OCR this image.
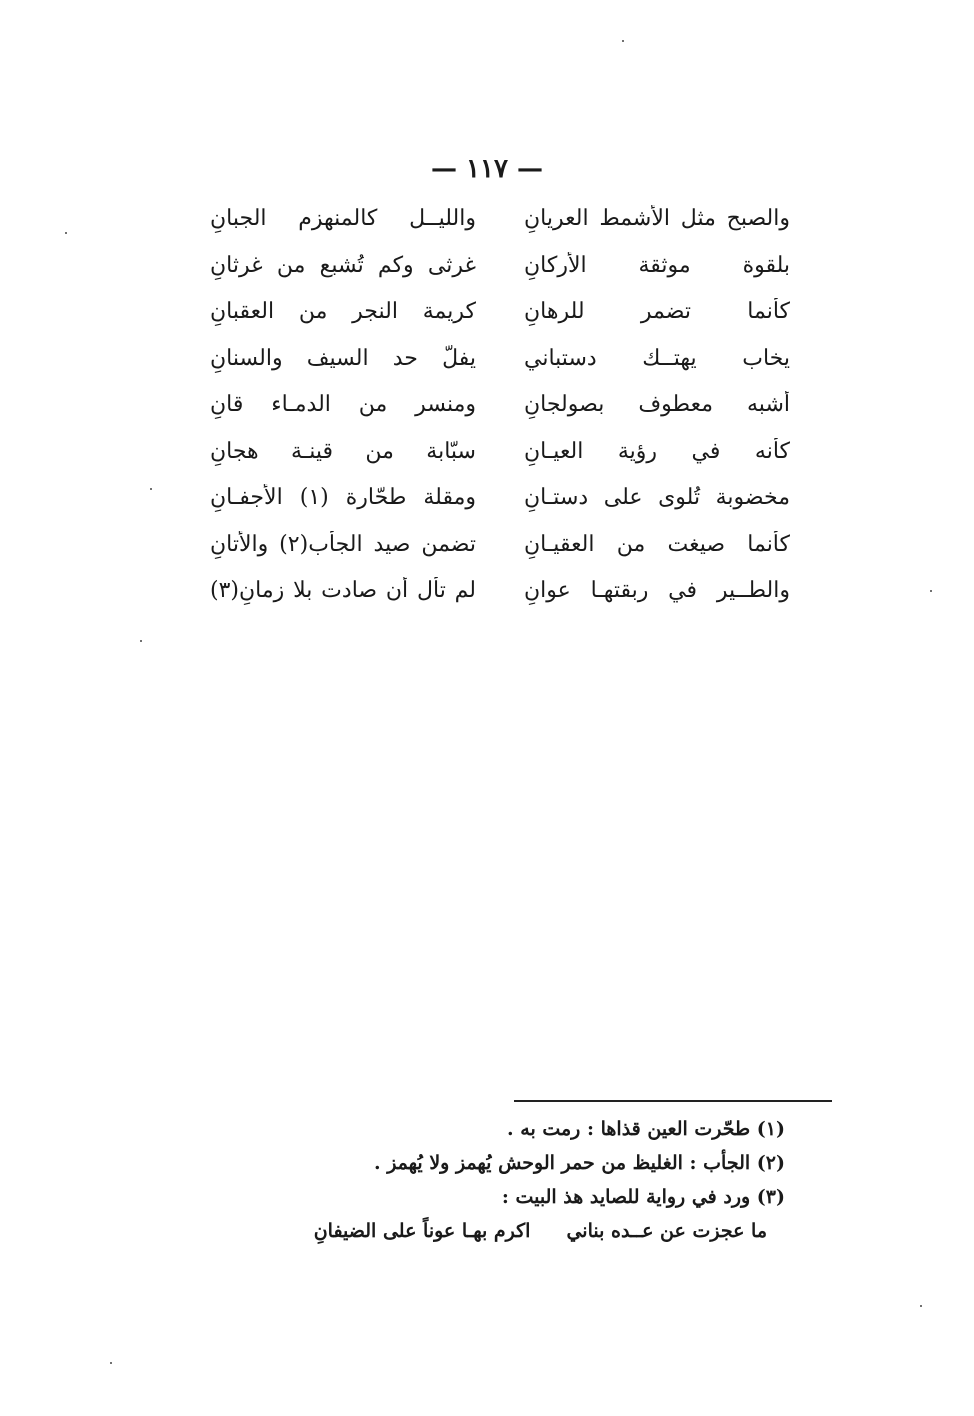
— ١١٧ —
والصبح مثل الأشمط العريانِ
والليــل كالمنهزم الجبانِ
بلقوة موثقة الأركانِ
غرثى وكم تُشبع من غرثانِ
كأنما تضمر للرهانِ
كريمة النجر من العقبانِ
يخاب يهتــك دستباني
يفلّ حد السيف والسنانِ
أشبه معطوف بصولجانِ
ومنسر من الدمـاء قانِ
كأنه في رؤية العيـانِ
سبّابة من قينـة هجانِ
مخضوبة تُلوى على دستـانِ
ومقلة طحّارة (١) الأجفـانِ
كأنما صيغت من العقيـانِ
تضمن صيد الجأب(٢) والأتانِ
والطــير في ربقتهـا عوانِ
لم تأل أن صادت بلا زمانِ(٣)
(١) طحّرت العين قذاها : رمت به .
(٢) الجأب : الغليظ من حمر الوحش يُهمز ولا يُهمز .
(٣) ورد في رواية للصايد هذ البيت :
ما عجزت عن عــده بناني
اكرم بهـا عوناً على الضيفانِ
